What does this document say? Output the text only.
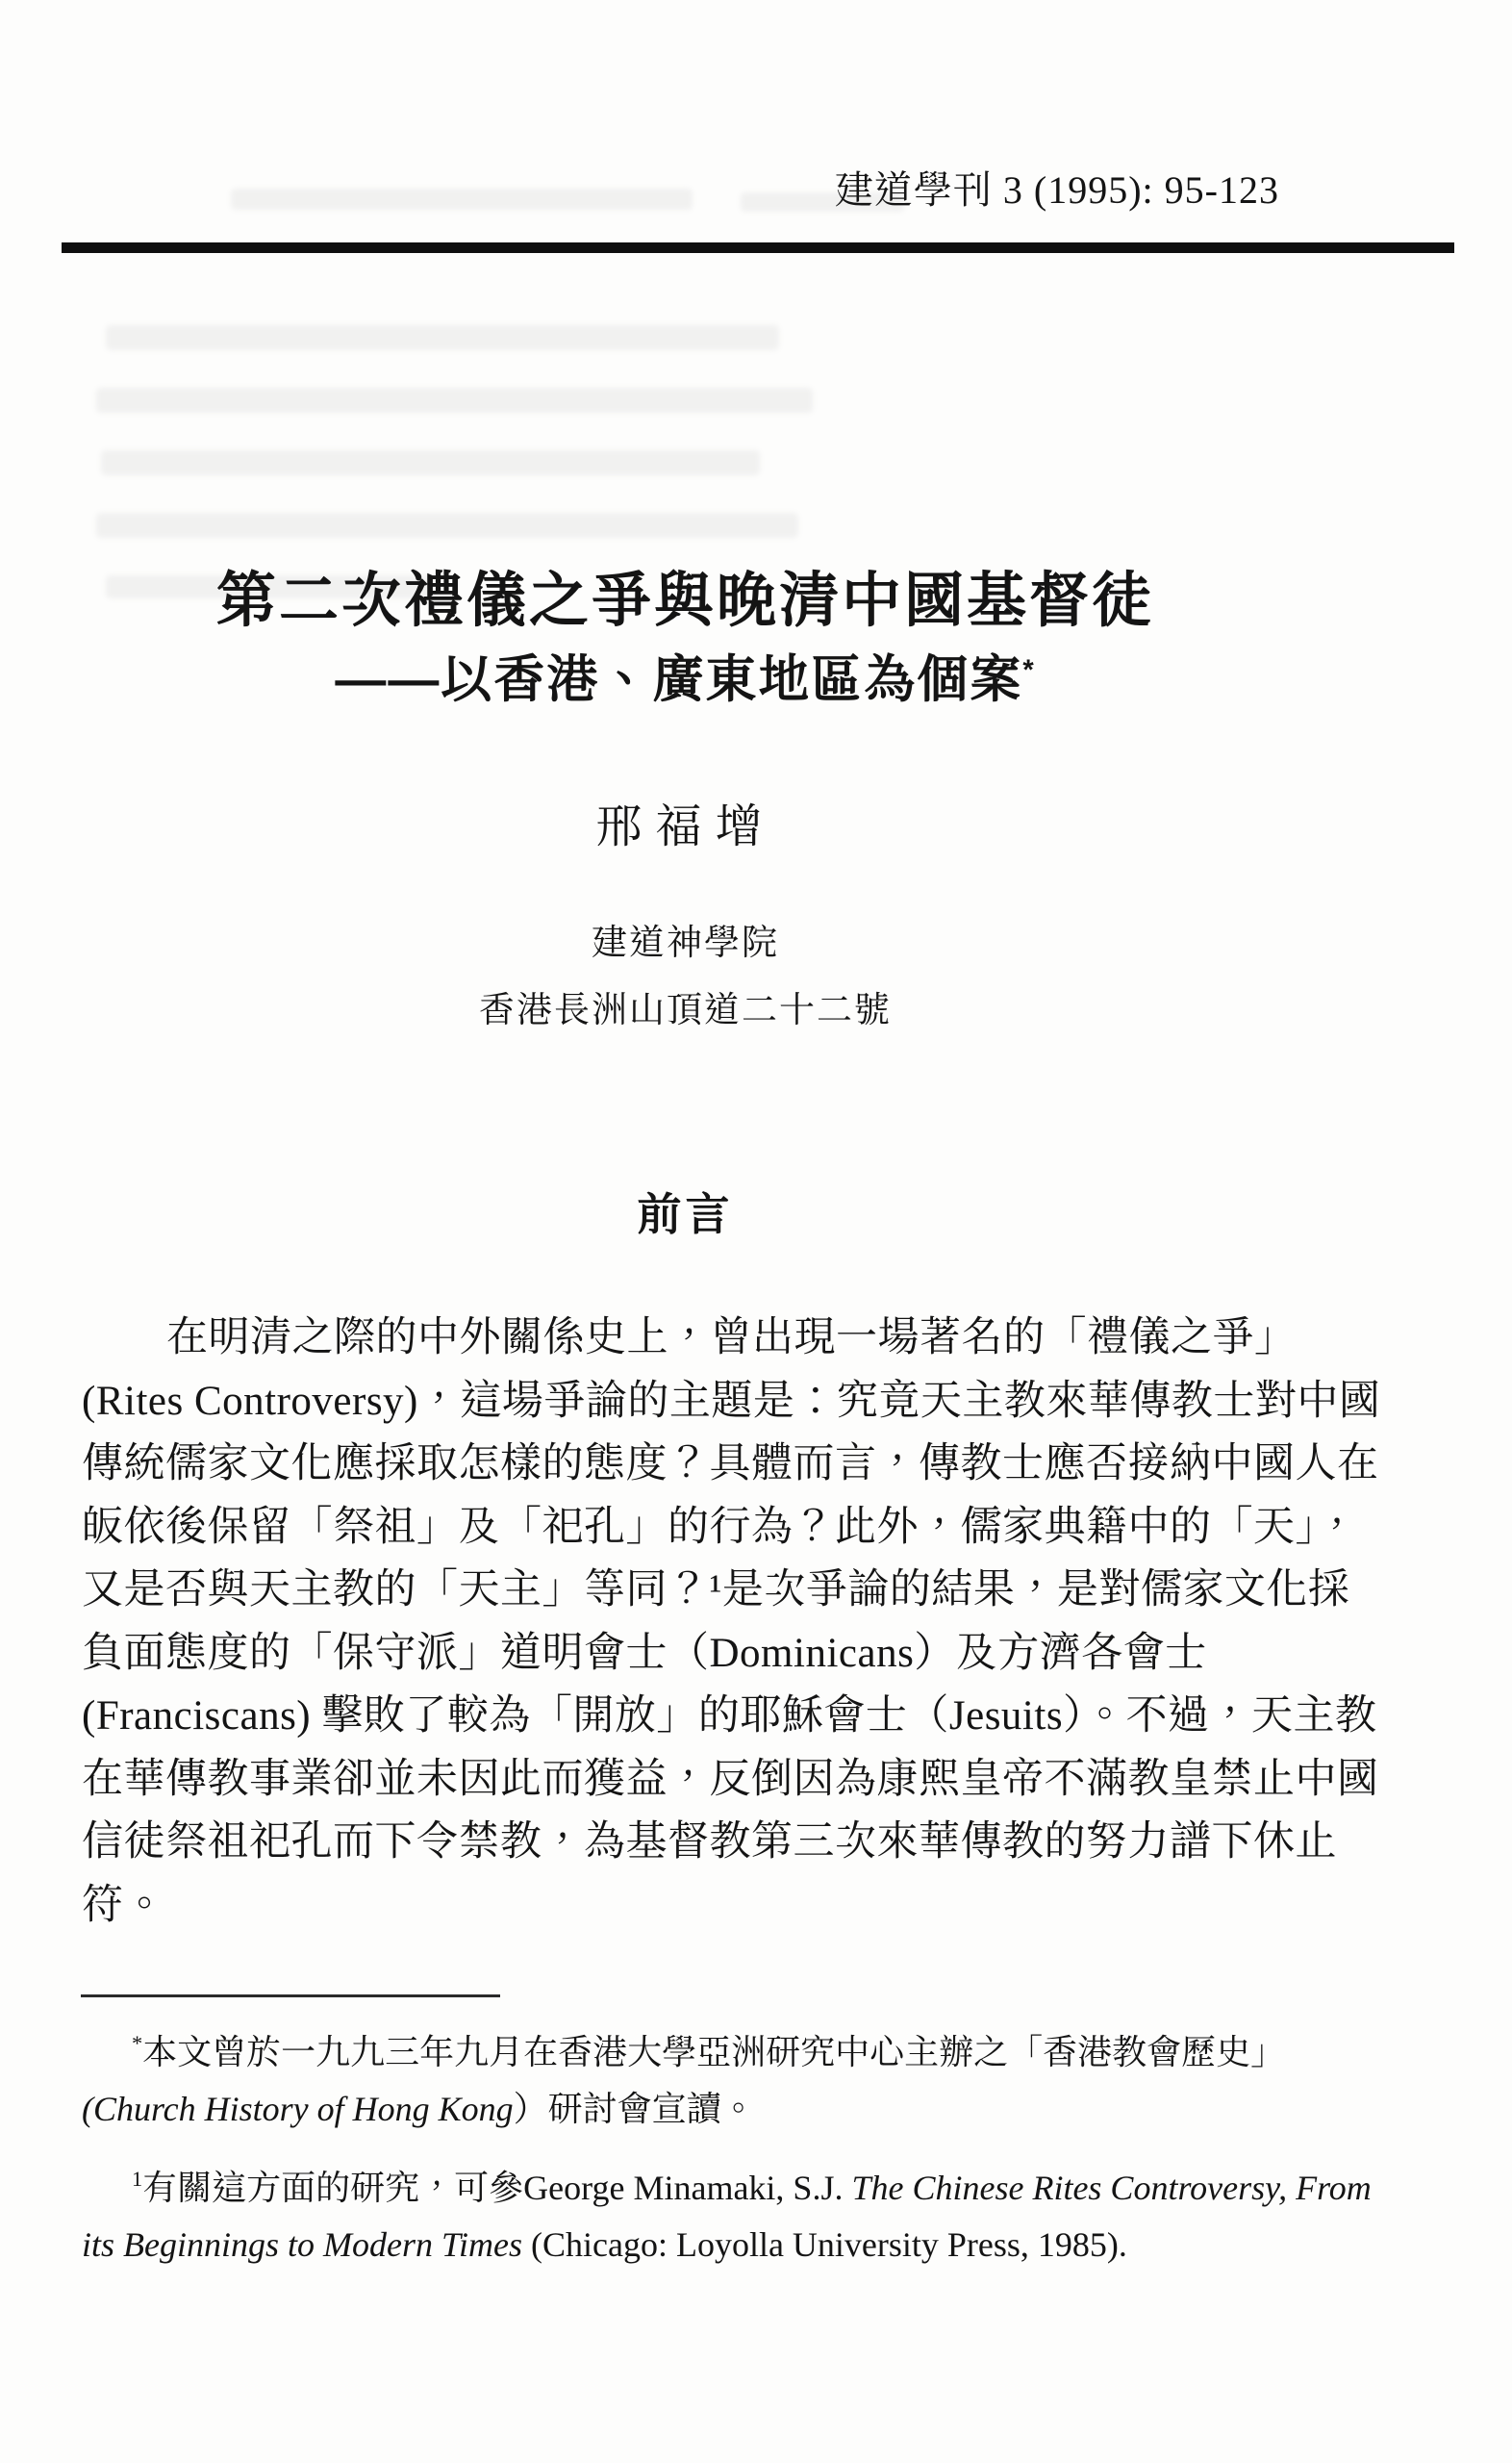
建道學刊 3 (1995): 95-123
第二次禮儀之爭與晚清中國基督徒
——以香港、廣東地區為個案*
邢福增
建道神學院
香港長洲山頂道二十二號
前言
在明清之際的中外關係史上，曾出現一場著名的「禮儀之爭」
(Rites Controversy)，這場爭論的主題是：究竟天主教來華傳教士對中國
傳統儒家文化應採取怎樣的態度？具體而言，傳教士應否接納中國人在
皈依後保留「祭祖」及「祀孔」的行為？此外，儒家典籍中的「天」，
又是否與天主教的「天主」等同？¹是次爭論的結果，是對儒家文化採
負面態度的「保守派」道明會士（Dominicans）及方濟各會士
(Franciscans) 擊敗了較為「開放」的耶穌會士（Jesuits）。不過，天主教
在華傳教事業卻並未因此而獲益，反倒因為康熙皇帝不滿教皇禁止中國
信徒祭祖祀孔而下令禁教，為基督教第三次來華傳教的努力譜下休止
符。
*本文曾於一九九三年九月在香港大學亞洲研究中心主辦之「香港教會歷史」
(Church History of Hong Kong）研討會宣讀。
$^1$有關這方面的研究，可參George Minamaki, S.J. The Chinese Rites Controversy, From
its Beginnings to Modern Times (Chicago: Loyolla University Press, 1985).
